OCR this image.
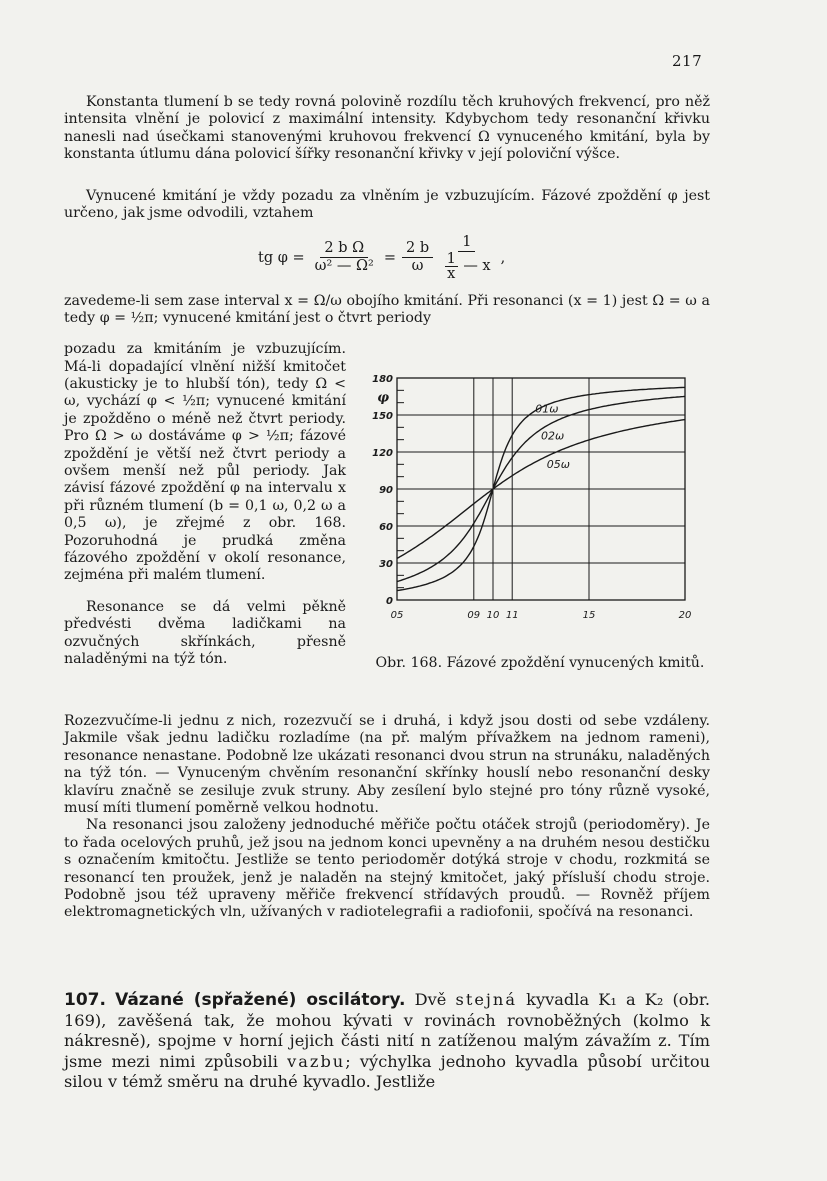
217
Konstanta tlumení b se tedy rovná polovině rozdílu těch kruhových frekvencí, pro něž intensita vlnění je polovicí z maximální intensity. Kdybychom tedy resonanční křivku nanesli nad úsečkami stanovenými kruhovou frekvencí Ω vynuceného kmitání, byla by konstanta útlumu dána polovicí šířky resonanční křivky v její poloviční výšce.
Vynucené kmitání je vždy pozadu za vlněním je vzbuzujícím. Fázové zpoždění φ jest určeno, jak jsme odvodili, vztahem
tg $\varphi = \frac{\text{2 b Ω}}{\text{ω² — Ω²}} = \frac{2 b}{\omega} \frac{1}{\frac{1}{x} — x}$ ,
zavedeme-li sem zase interval x = Ω/ω obojího kmitání. Při resonanci (x = 1) jest Ω = ω a tedy φ = ½π; vynucené kmitání jest o čtvrt periody

pozadu za kmitáním je vzbuzujícím. Má-li dopadající vlnění nižší kmitočet (akusticky je to hlubší tón), tedy Ω < ω, vychází φ < ½π; vynucené kmitání je zpožděno o méně než čtvrt periody. Pro Ω > ω dostáváme φ > ½π; fázové zpoždění je větší než čtvrt periody a ovšem menší než půl periody. Jak závisí fázové zpoždění φ na intervalu x při různém tlumení (b = 0,1 ω, 0,2 ω a 0,5 ω), je zřejmé z obr. 168. Pozoruhodná je prudká změna fázového zpoždění v okolí resonance, zejména při malém tlumení.

Resonance se dá velmi pěkně předvésti dvěma ladičkami na ozvučných skřínkách, přesně naladěnými na týž tón.

05	09 10 11	15	20
0
30
60
90
120
150
180
φ
01ω
02ω
05ω
Obr. 168. Fázové zpoždění vynucených kmitů.

Rozezvučíme-li jednu z nich, rozezvučí se i druhá, i když jsou dosti od sebe vzdáleny. Jakmile však jednu ladičku rozladíme (na př. malým přívažkem na jednom rameni), resonance nenastane. Podobně lze ukázati resonanci dvou strun na strunáku, naladěných na týž tón. — Vynuceným chvěním resonanční skřínky houslí nebo resonanční desky klavíru značně se zesiluje zvuk struny. Aby zesílení bylo stejné pro tóny různě vysoké, musí míti tlumení poměrně velkou hodnotu.

Na resonanci jsou založeny jednoduché měřiče počtu otáček strojů (periodoměry). Je to řada ocelových pruhů, jež jsou na jednom konci upevněny a na druhém nesou destičku s označením kmitočtu. Jestliže se tento periodoměr dotýká stroje v chodu, rozkmitá se resonancí ten proužek, jenž je naladěn na stejný kmitočet, jaký přísluší chodu stroje. Podobně jsou též upraveny měřiče frekvencí střídavých proudů. — Rovněž příjem elektromagnetických vln, užívaných v radiotelegrafii a radiofonii, spočívá na resonanci.

107. Vázané (spřažené) oscilátory. Dvě stejná kyvadla K₁ a K₂ (obr. 169), zavěšená tak, že mohou kývati v rovinách rovnoběžných (kolmo k nákresně), spojme v horní jejich části nití n zatíženou malým závažím z. Tím jsme mezi nimi způsobili vazbu; výchylka jednoho kyvadla působí určitou silou v témž směru na druhé kyvadlo. Jestliže
